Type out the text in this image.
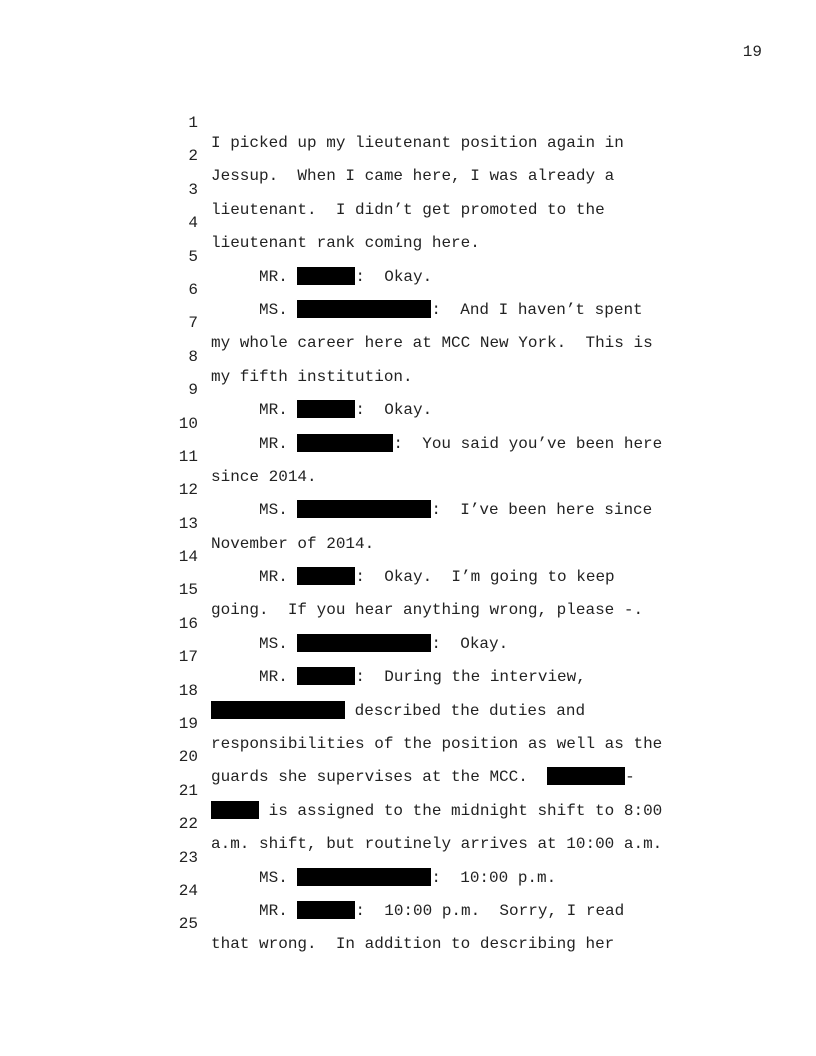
19

1

I picked up my lieutenant position again in

2

Jessup.  When I came here, I was already a

3

lieutenant.  I didn’t get promoted to the

4

lieutenant rank coming here.

5

MR.	:  Okay.

6

MS.	:  And I haven’t spent

7

my whole career here at MCC New York.  This is

8

my fifth institution.

9

MR.	:  Okay.

10

MR.	:  You said you’ve been here

11

since 2014.

12

MS.	:  I’ve been here since

13

November of 2014.

14

MR.	:  Okay.  I’m going to keep

15

going.  If you hear anything wrong, please -.

16

MS.	:  Okay.

17

MR.	:  During the interview,

18

described the duties and

19

responsibilities of the position as well as the

20

guards she supervises at the MCC.	-

21

is assigned to the midnight shift to 8:00

22

a.m. shift, but routinely arrives at 10:00 a.m.

23

MS.	:  10:00 p.m.

24

MR.	:  10:00 p.m.  Sorry, I read

25

that wrong.  In addition to describing her
